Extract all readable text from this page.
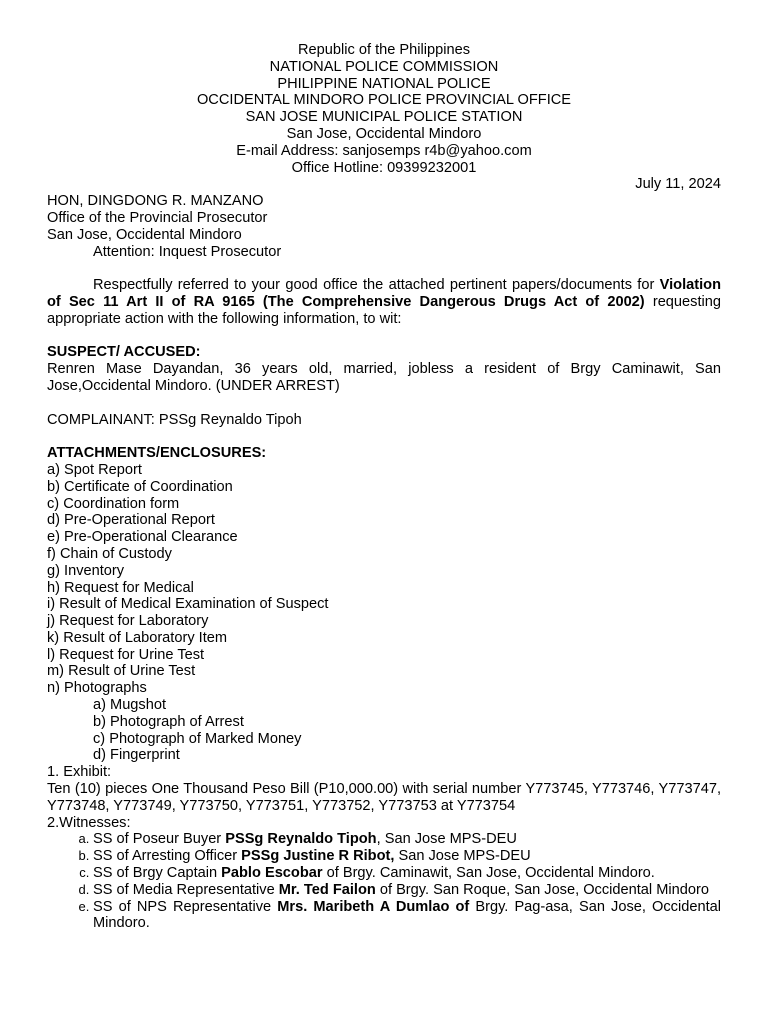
Republic of the Philippines
NATIONAL POLICE COMMISSION
PHILIPPINE NATIONAL POLICE
OCCIDENTAL MINDORO POLICE PROVINCIAL OFFICE
SAN JOSE MUNICIPAL POLICE STATION
San Jose, Occidental Mindoro
E-mail Address: sanjosemps r4b@yahoo.com
Office Hotline: 09399232001
July 11, 2024
HON, DINGDONG R. MANZANO
Office of the Provincial Prosecutor
San Jose, Occidental Mindoro
Attention: Inquest Prosecutor
Respectfully referred to your good office the attached pertinent papers/documents for Violation of Sec 11 Art II of RA 9165 (The Comprehensive Dangerous Drugs Act of 2002) requesting appropriate action with the following information, to wit:
SUSPECT/ ACCUSED:
Renren Mase Dayandan, 36 years old, married, jobless a resident of Brgy Caminawit, San Jose,Occidental Mindoro. (UNDER ARREST)
COMPLAINANT: PSSg Reynaldo Tipoh
ATTACHMENTS/ENCLOSURES:
a) Spot Report
b) Certificate of Coordination
c) Coordination form
d) Pre-Operational Report
e) Pre-Operational Clearance
f) Chain of Custody
g) Inventory
h) Request for Medical
i) Result of Medical Examination of Suspect
j) Request for Laboratory
k) Result of Laboratory Item
l) Request for Urine Test
m) Result of Urine Test
n) Photographs
a) Mugshot
b) Photograph of Arrest
c) Photograph of Marked Money
d) Fingerprint
1. Exhibit:
Ten (10) pieces One Thousand Peso Bill (P10,000.00) with serial number Y773745, Y773746, Y773747, Y773748, Y773749, Y773750, Y773751, Y773752, Y773753 at Y773754
2.Witnesses:
a. SS of Poseur Buyer PSSg Reynaldo Tipoh, San Jose MPS-DEU
b. SS of Arresting Officer PSSg Justine R Ribot, San Jose MPS-DEU
c. SS of Brgy Captain Pablo Escobar of Brgy. Caminawit, San Jose, Occidental Mindoro.
d. SS of Media Representative Mr. Ted Failon of Brgy. San Roque, San Jose, Occidental Mindoro
e. SS of NPS Representative Mrs. Maribeth A Dumlao of Brgy. Pag-asa, San Jose, Occidental Mindoro.
